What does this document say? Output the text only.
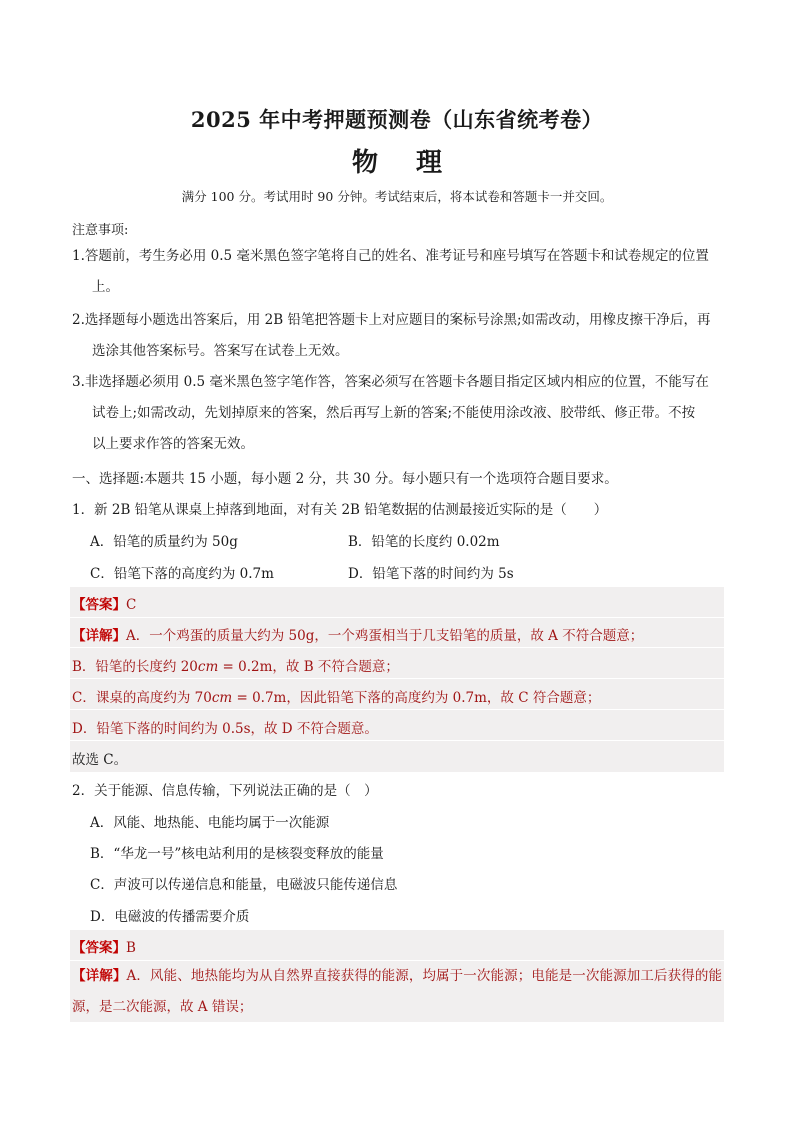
2025 年中考押题预测卷（山东省统考卷）
物理
满分 100 分。考试用时 90 分钟。考试结束后，将本试卷和答题卡一并交回。
注意事项:
1.答题前，考生务必用 0.5 毫米黑色签字笔将自己的姓名、准考证号和座号填写在答题卡和试卷规定的位置
上。
2.选择题每小题选出答案后，用 2B 铅笔把答题卡上对应题目的案标号涂黑;如需改动，用橡皮擦干净后，再
选涂其他答案标号。答案写在试卷上无效。
3.非选择题必须用 0.5 毫米黑色签字笔作答，答案必须写在答题卡各题目指定区域内相应的位置，不能写在
试卷上;如需改动，先划掉原来的答案，然后再写上新的答案;不能使用涂改液、胶带纸、修正带。不按
以上要求作答的答案无效。
一、选择题:本题共 15 小题，每小题 2 分，共 30 分。每小题只有一个选项符合题目要求。
1．新 2B 铅笔从课桌上掉落到地面，对有关 2B 铅笔数据的估测最接近实际的是（　　）
A．铅笔的质量约为 50g	B．铅笔的长度约 0.02m
C．铅笔下落的高度约为 0.7m	D．铅笔下落的时间约为 5s
【答案】C
【详解】A．一个鸡蛋的质量大约为 50g，一个鸡蛋相当于几支铅笔的质量，故 A 不符合题意；
B．铅笔的长度约 20cm = 0.2m，故 B 不符合题意；
C．课桌的高度约为 70cm = 0.7m，因此铅笔下落的高度约为 0.7m，故 C 符合题意；
D．铅笔下落的时间约为 0.5s，故 D 不符合题意。
故选 C。
2．关于能源、信息传输，下列说法正确的是（　）
A．风能、地热能、电能均属于一次能源
B．“华龙一号”核电站利用的是核裂变释放的能量
C．声波可以传递信息和能量，电磁波只能传递信息
D．电磁波的传播需要介质
【答案】B
【详解】A．风能、地热能均为从自然界直接获得的能源，均属于一次能源；电能是一次能源加工后获得的能源，是二次能源，故 A 错误；
